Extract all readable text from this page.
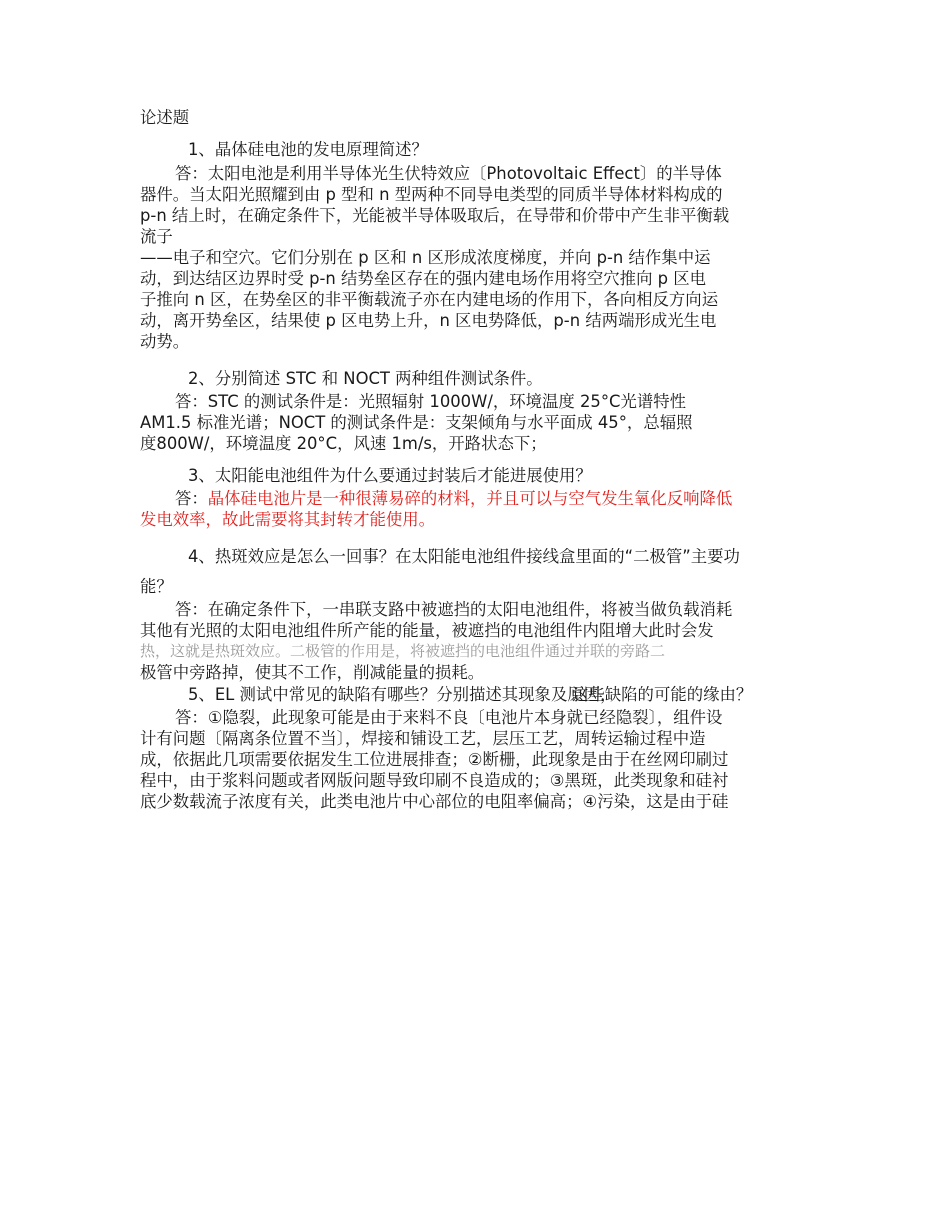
论述题
1、晶体硅电池的发电原理简述？
答：太阳电池是利用半导体光生伏特效应〔Photovoltaic Effect〕的半导体
器件。当太阳光照耀到由 p 型和 n 型两种不同导电类型的同质半导体材料构成的
p-n 结上时，在确定条件下，光能被半导体吸取后，在导带和价带中产生非平衡载
流子
——电子和空穴。它们分别在 p 区和 n 区形成浓度梯度，并向 p-n 结作集中运
动，到达结区边界时受 p-n 结势垒区存在的强内建电场作用将空穴推向 p 区电
子推向 n 区，在势垒区的非平衡载流子亦在内建电场的作用下，各向相反方向运
动，离开势垒区，结果使 p 区电势上升，n 区电势降低，p-n 结两端形成光生电
动势。
2、分别简述 STC 和 NOCT 两种组件测试条件。
答：STC 的测试条件是：光照辐射 1000W/，环境温度 25°C光谱特性
AM1.5 标准光谱；NOCT 的测试条件是：支架倾角与水平面成 45°，总辐照
度800W/，环境温度 20°C，风速 1m/s，开路状态下；
3、太阳能电池组件为什么要通过封装后才能进展使用？
答：晶体硅电池片是一种很薄易碎的材料，并且可以与空气发生氧化反响降低
发电效率，故此需要将其封转才能使用。
4、热斑效应是怎么一回事？在太阳能电池组件接线盒里面的“二极管”主要功
能？
答：在确定条件下，一串联支路中被遮挡的太阳电池组件，将被当做负载消耗
其他有光照的太阳电池组件所产能的能量，被遮挡的电池组件内阻增大此时会发
热，这就是热斑效应。二极管的作用是，将被遮挡的电池组件通过并联的旁路二
极管中旁路掉，使其不工作，削减能量的损耗。
5、EL 测试中常见的缺陷有哪些？分别描述其现象及原因，
这些缺陷的可能的缘由？
答：①隐裂，此现象可能是由于来料不良〔电池片本身就已经隐裂〕，组件设
计有问题〔隔离条位置不当〕，焊接和铺设工艺，层压工艺，周转运输过程中造
成，依据此几项需要依据发生工位进展排查；②断栅，此现象是由于在丝网印刷过
程中，由于浆料问题或者网版问题导致印刷不良造成的；③黑斑，此类现象和硅衬
底少数载流子浓度有关，此类电池片中心部位的电阻率偏高；④污染，这是由于硅
